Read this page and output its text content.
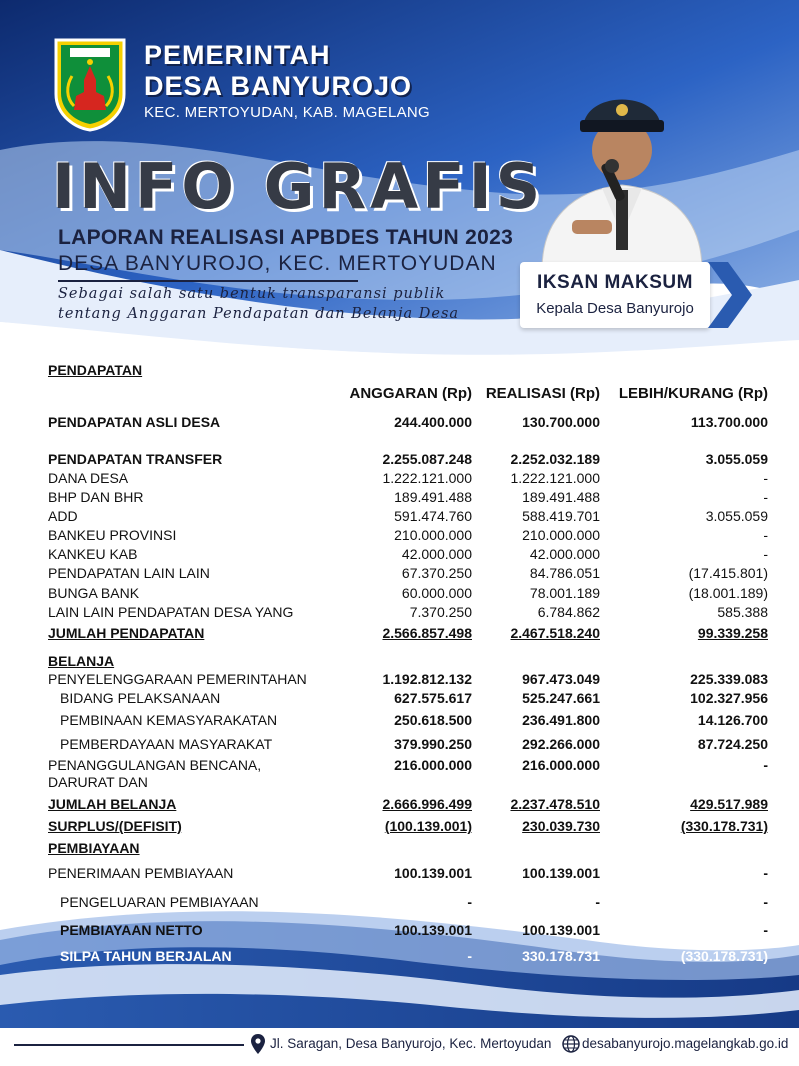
PEMERINTAH
DESA BANYUROJO
KEC. MERTOYUDAN, KAB. MAGELANG
INFO GRAFIS
LAPORAN REALISASI APBDES TAHUN 2023
DESA BANYUROJO, KEC. MERTOYUDAN
Sebagai salah satu bentuk transparansi publik
tentang Anggaran Pendapatan dan Belanja Desa
IKSAN MAKSUM
Kepala Desa Banyurojo
PENDAPATAN
ANGGARAN (Rp) REALISASI (Rp) LEBIH/KURANG (Rp)
PENDAPATAN ASLI DESA	244.400.000	130.700.000	113.700.000
PENDAPATAN TRANSFER	2.255.087.248	2.252.032.189	3.055.059
DANA DESA	1.222.121.000	1.222.121.000	-
BHP DAN BHR	189.491.488	189.491.488	-
ADD	591.474.760	588.419.701	3.055.059
BANKEU PROVINSI	210.000.000	210.000.000	-
KANKEU KAB	42.000.000	42.000.000	-
PENDAPATAN LAIN LAIN	67.370.250	84.786.051	(17.415.801)
BUNGA BANK	60.000.000	78.001.189	(18.001.189)
LAIN LAIN PENDAPATAN DESA YANG	7.370.250	6.784.862	585.388
JUMLAH PENDAPATAN	2.566.857.498	2.467.518.240	99.339.258
BELANJA
PENYELENGGARAAN PEMERINTAHAN	1.192.812.132	967.473.049	225.339.083
BIDANG PELAKSANAAN	627.575.617	525.247.661	102.327.956
PEMBINAAN KEMASYARAKATAN	250.618.500	236.491.800	14.126.700
PEMBERDAYAAN MASYARAKAT	379.990.250	292.266.000	87.724.250
PENANGGULANGAN BENCANA,
DARURAT DAN
216.000.000	216.000.000	-
JUMLAH BELANJA	2.666.996.499	2.237.478.510	429.517.989
SURPLUS/(DEFISIT)	(100.139.001)	230.039.730	(330.178.731)
PEMBIAYAAN
PENERIMAAN PEMBIAYAAN	100.139.001	100.139.001	-
PENGELUARAN PEMBIAYAAN	-	-	-
PEMBIAYAAN NETTO	100.139.001	100.139.001	-
SILPA TAHUN BERJALAN	-	330.178.731	(330.178.731)
Jl. Saragan, Desa Banyurojo, Kec. Mertoyudan desabanyurojo.magelangkab.go.id
